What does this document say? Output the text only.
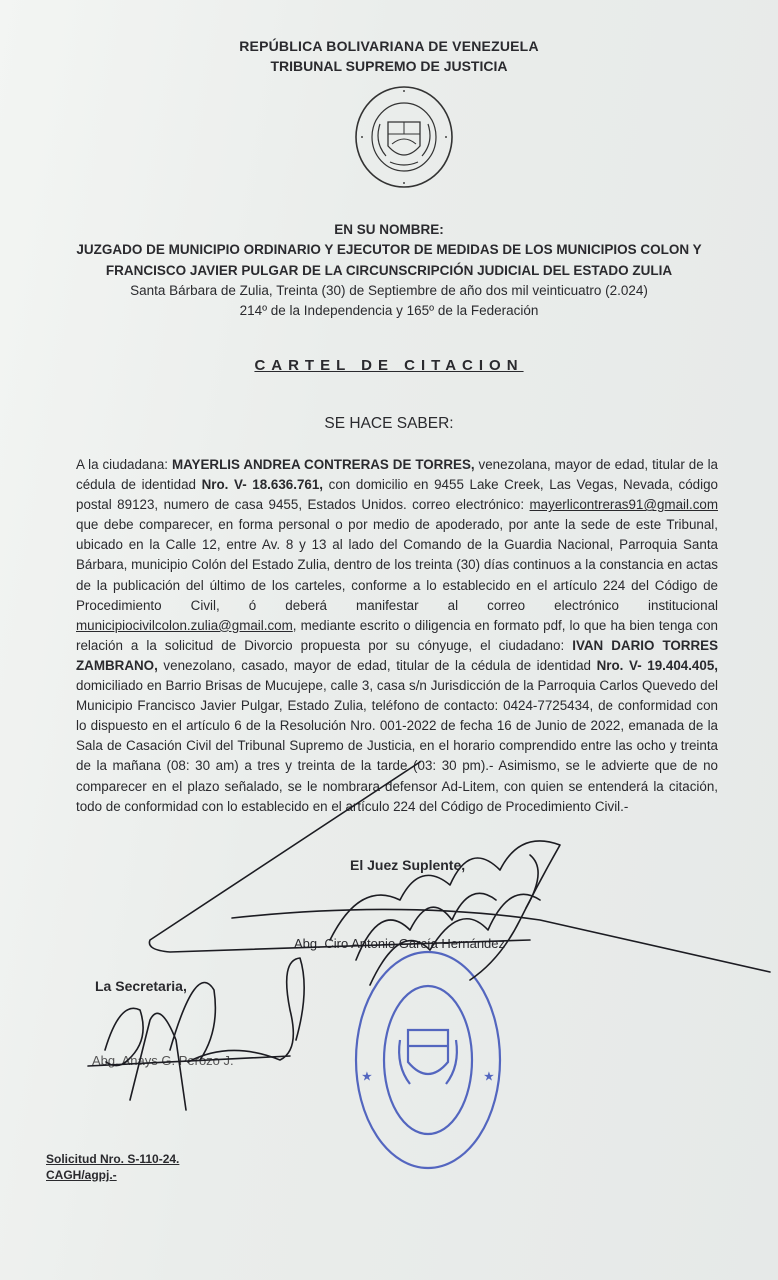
REPÚBLICA BOLIVARIANA DE VENEZUELA
TRIBUNAL SUPREMO DE JUSTICIA
EN SU NOMBRE:
JUZGADO DE MUNICIPIO ORDINARIO Y EJECUTOR DE MEDIDAS DE LOS MUNICIPIOS COLON Y
FRANCISCO JAVIER PULGAR DE LA CIRCUNSCRIPCIÓN JUDICIAL DEL ESTADO ZULIA
Santa Bárbara de Zulia, Treinta (30) de Septiembre de año dos mil veinticuatro (2.024)
214º de la Independencia y 165º de la Federación
CARTEL DE CITACION
SE HACE SABER:
A la ciudadana: MAYERLIS ANDREA CONTRERAS DE TORRES, venezolana, mayor de edad, titular de la cédula de identidad Nro. V- 18.636.761, con domicilio en 9455 Lake Creek, Las Vegas, Nevada, código postal 89123, numero de casa 9455, Estados Unidos. correo electrónico: mayerlicontreras91@gmail.com que debe comparecer, en forma personal o por medio de apoderado, por ante la sede de este Tribunal, ubicado en la Calle 12, entre Av. 8 y 13 al lado del Comando de la Guardia Nacional, Parroquia Santa Bárbara, municipio Colón del Estado Zulia, dentro de los treinta (30) días continuos a la constancia en actas de la publicación del último de los carteles, conforme a lo establecido en el artículo 224 del Código de Procedimiento Civil, ó deberá manifestar al correo electrónico institucional municipiocivilcolon.zulia@gmail.com, mediante escrito o diligencia en formato pdf, lo que ha bien tenga con relación a la solicitud de Divorcio propuesta por su cónyuge, el ciudadano: IVAN DARIO TORRES ZAMBRANO, venezolano, casado, mayor de edad, titular de la cédula de identidad Nro. V- 19.404.405, domiciliado en Barrio Brisas de Mucujepe, calle 3, casa s/n Jurisdicción de la Parroquia Carlos Quevedo del Municipio Francisco Javier Pulgar, Estado Zulia, teléfono de contacto: 0424-7725434, de conformidad con lo dispuesto en el artículo 6 de la Resolución Nro. 001-2022 de fecha 16 de Junio de 2022, emanada de la Sala de Casación Civil del Tribunal Supremo de Justicia, en el horario comprendido entre las ocho y treinta de la mañana (08: 30 am) a tres y treinta de la tarde (03: 30 pm).- Asimismo, se le advierte que de no comparecer en el plazo señalado, se le nombrara defensor Ad-Litem, con quien se entenderá la citación, todo de conformidad con lo establecido en el artículo 224 del Código de Procedimiento Civil.-
El Juez Suplente,
Abg. Ciro Antonio García Hernández
La Secretaria,
Abg. Anays G. Perozo J.
Solicitud Nro. S-110-24.
CAGH/agpj.-
★	★
